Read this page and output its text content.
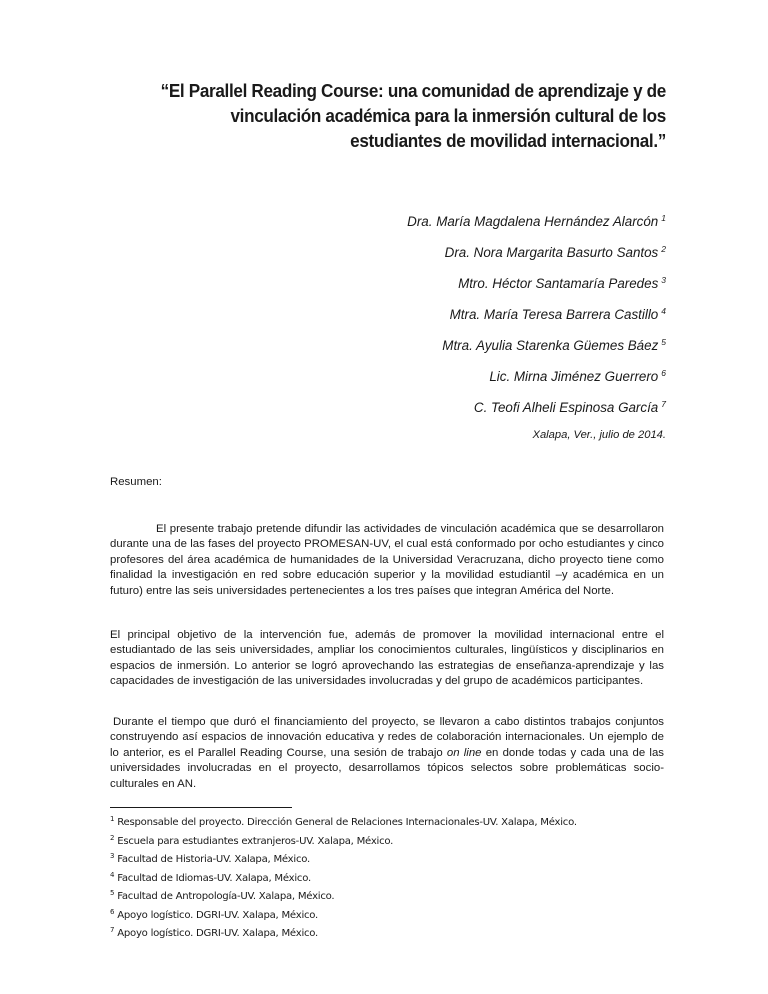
“El Parallel Reading Course: una comunidad de aprendizaje y de
vinculación académica para la inmersión cultural de los
estudiantes de movilidad internacional.”
Dra. María Magdalena Hernández Alarcón $^1$
Dra. Nora Margarita Basurto Santos $^2$
Mtro. Héctor Santamaría Paredes $^3$
Mtra. María Teresa Barrera Castillo $^4$
Mtra. Ayulia Starenka Güemes Báez $^5$
Lic. Mirna Jiménez Guerrero $^6$
C. Teofi Alheli Espinosa García $^7$
Xalapa, Ver., julio de 2014.
Resumen:

El presente trabajo pretende difundir las actividades de vinculación académica que se desarrollaron durante una de las fases del proyecto PROMESAN-UV, el cual está conformado por ocho estudiantes y cinco profesores del área académica de humanidades de la Universidad Veracruzana, dicho proyecto tiene como finalidad la investigación en red sobre educación superior y la movilidad estudiantil –y académica en un futuro) entre las seis universidades pertenecientes a los tres países que integran América del Norte.

El principal objetivo de la intervención fue, además de promover la movilidad internacional entre el estudiantado de las seis universidades, ampliar los conocimientos culturales, lingüísticos y disciplinarios en espacios de inmersión. Lo anterior se logró aprovechando las estrategias de enseñanza-aprendizaje y las capacidades de investigación de las universidades involucradas y del grupo de académicos participantes.

Durante el tiempo que duró el financiamiento del proyecto, se llevaron a cabo distintos trabajos conjuntos construyendo así espacios de innovación educativa y redes de colaboración internacionales. Un ejemplo de lo anterior, es el Parallel Reading Course, una sesión de trabajo on line en donde todas y cada una de las universidades involucradas en el proyecto, desarrollamos tópicos selectos sobre problemáticas socio-culturales en AN.

$^1$ Responsable del proyecto. Dirección General de Relaciones Internacionales-UV. Xalapa, México.
$^2$ Escuela para estudiantes extranjeros-UV. Xalapa, México.
$^3$ Facultad de Historia-UV. Xalapa, México.
$^4$ Facultad de Idiomas-UV. Xalapa, México.
$^5$ Facultad de Antropología-UV. Xalapa, México.
$^6$ Apoyo logístico. DGRI-UV. Xalapa, México.
$^7$ Apoyo logístico. DGRI-UV. Xalapa, México.
